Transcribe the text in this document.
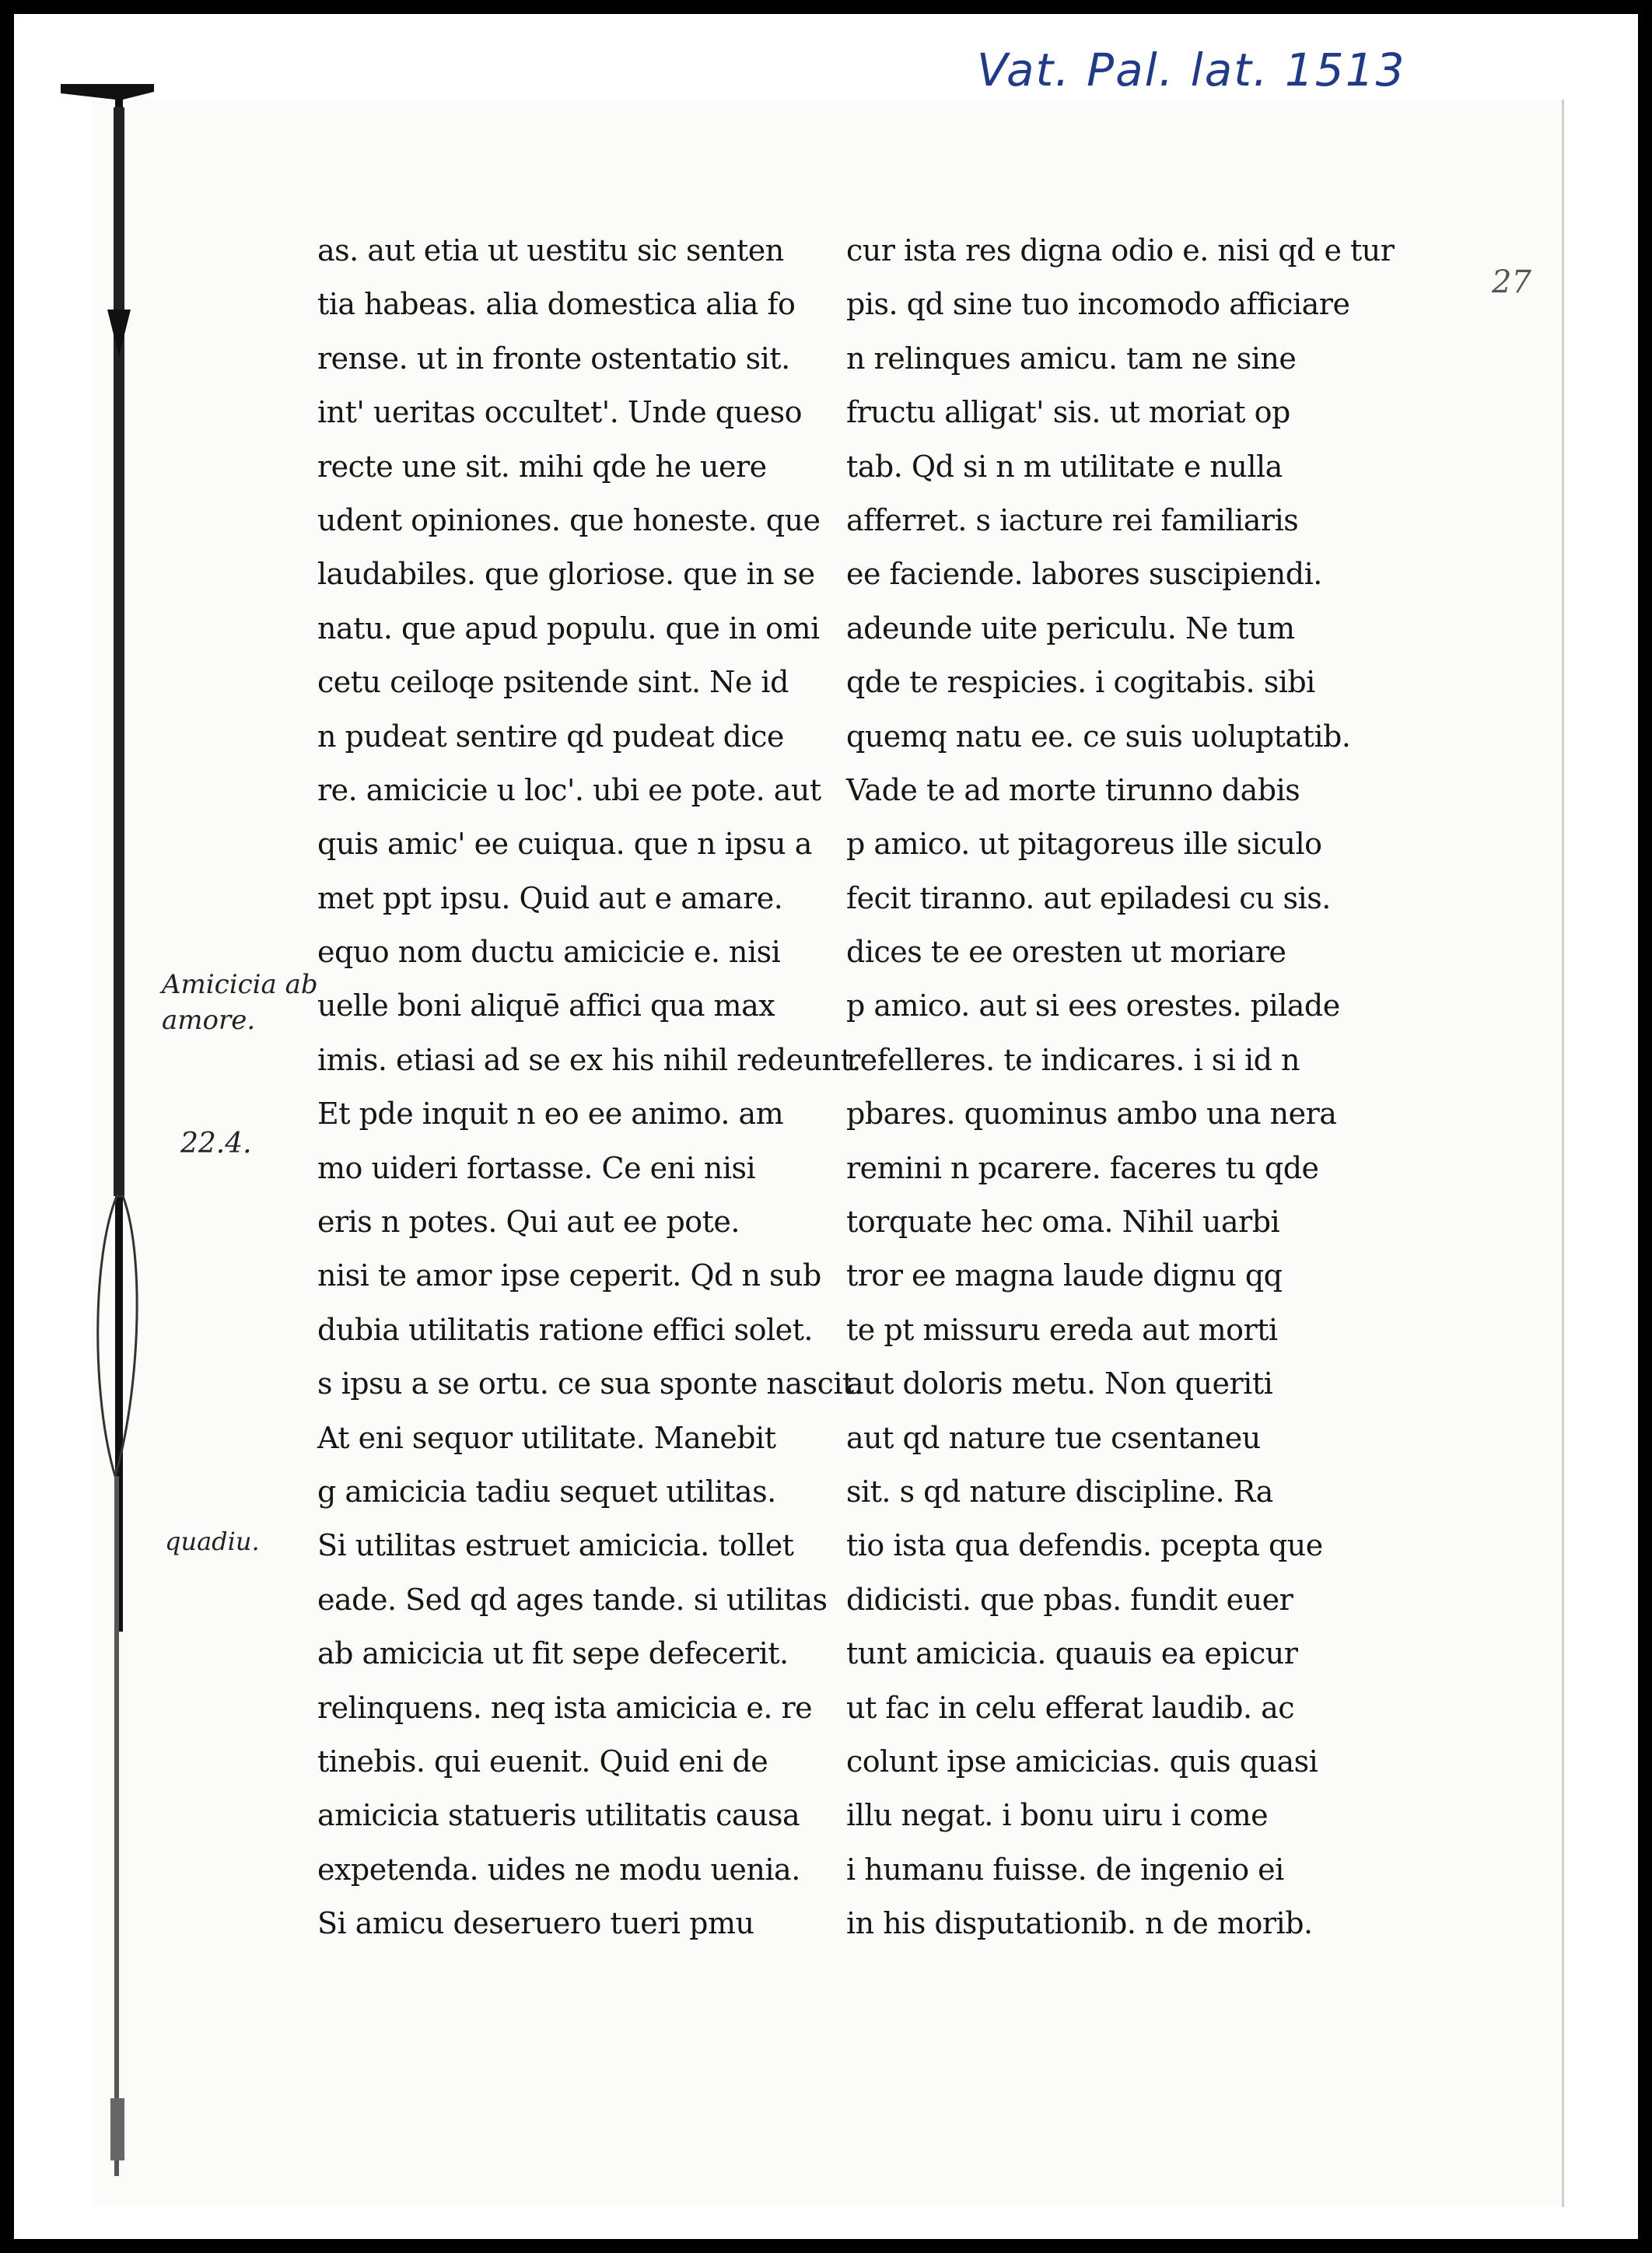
Vat. Pal. lat. 1513
27
as. aut etia ut uestitu sic senten
tia habeas. alia domestica alia fo
rense. ut in fronte ostentatio sit.
int' ueritas occultet'. Unde queso
recte une sit. mihi qde he uere
udent opiniones. que honeste. que
laudabiles. que gloriose. que in se
natu. que apud populu. que in omi
cetu ceiloqe psitende sint. Ne id
n pudeat sentire qd pudeat dice
re. amicicie u loc'. ubi ee pote. aut
quis amic' ee cuiqua. que n ipsu a
met ppt ipsu. Quid aut e amare.
equo nom ductu amicicie e. nisi
uelle boni aliquē affici qua max
imis. etiasi ad se ex his nihil redeunt.
Et pde inquit n eo ee animo. am
mo uideri fortasse. Ce eni nisi
eris n potes. Qui aut ee pote.
nisi te amor ipse ceperit. Qd n sub
dubia utilitatis ratione effici solet.
s ipsu a se ortu. ce sua sponte nascit.
At eni sequor utilitate. Manebit
g amicicia tadiu sequet utilitas.
Si utilitas estruet amicicia. tollet
eade. Sed qd ages tande. si utilitas
ab amicicia ut fit sepe defecerit.
relinquens. neq ista amicicia e. re
tinebis. qui euenit. Quid eni de
amicicia statueris utilitatis causa
expetenda. uides ne modu uenia.
Si amicu deseruero tueri pmu
cur ista res digna odio e. nisi qd e tur
pis. qd sine tuo incomodo afficiare
n relinques amicu. tam ne sine
fructu alligat' sis. ut moriat op
tab. Qd si n m utilitate e nulla
afferret. s iacture rei familiaris
ee faciende. labores suscipiendi.
adeunde uite periculu. Ne tum
qde te respicies. i cogitabis. sibi
quemq natu ee. ce suis uoluptatib.
Vade te ad morte tirunno dabis
p amico. ut pitagoreus ille siculo
fecit tiranno. aut epiladesi cu sis.
dices te ee oresten ut moriare
p amico. aut si ees orestes. pilade
refelleres. te indicares. i si id n
pbares. quominus ambo una nera
remini n pcarere. faceres tu qde
torquate hec oma. Nihil uarbi
tror ee magna laude dignu qq
te pt missuru ereda aut morti
aut doloris metu. Non queriti
aut qd nature tue csentaneu
sit. s qd nature discipline. Ra
tio ista qua defendis. pcepta que
didicisti. que pbas. fundit euer
tunt amicicia. quauis ea epicur
ut fac in celu efferat laudib. ac
colunt ipse amicicias. quis quasi
illu negat. i bonu uiru i come
i humanu fuisse. de ingenio ei
in his disputationib. n de morib.
Amicicia ab
amore.
22.4.
quadiu.
